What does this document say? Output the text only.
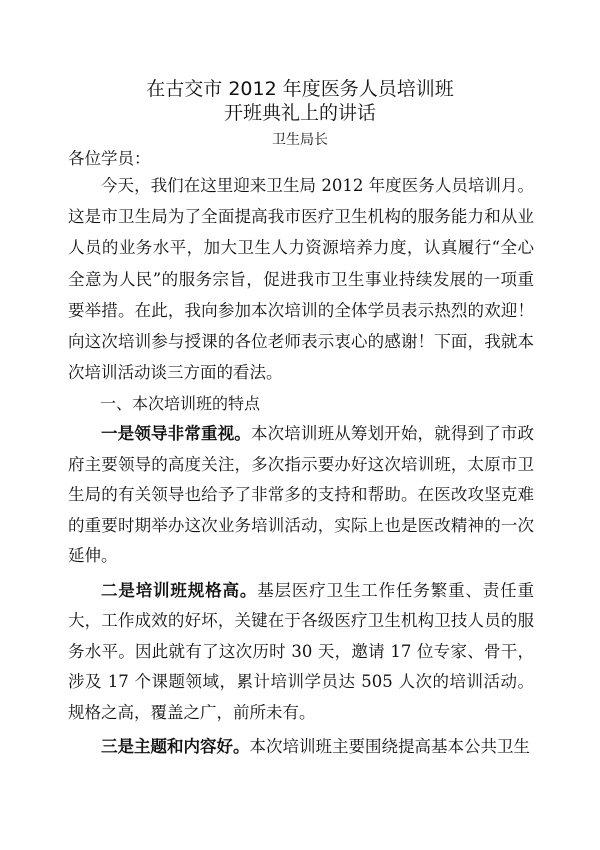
在古交市 2012 年度医务人员培训班
开班典礼上的讲话
卫生局长
各位学员：

今天，我们在这里迎来卫生局 2012 年度医务人员培训月。这是市卫生局为了全面提高我市医疗卫生机构的服务能力和从业人员的业务水平，加大卫生人力资源培养力度，认真履行“全心全意为人民”的服务宗旨，促进我市卫生事业持续发展的一项重要举措。在此，我向参加本次培训的全体学员表示热烈的欢迎！向这次培训参与授课的各位老师表示衷心的感谢！下面，我就本次培训活动谈三方面的看法。

一、本次培训班的特点

一是领导非常重视。本次培训班从筹划开始，就得到了市政府主要领导的高度关注，多次指示要办好这次培训班，太原市卫生局的有关领导也给予了非常多的支持和帮助。在医改攻坚克难的重要时期举办这次业务培训活动，实际上也是医改精神的一次延伸。

二是培训班规格高。基层医疗卫生工作任务繁重、责任重大，工作成效的好坏，关键在于各级医疗卫生机构卫技人员的服务水平。因此就有了这次历时 30 天，邀请 17 位专家、骨干，涉及 17 个课题领域，累计培训学员达 505 人次的培训活动。规格之高，覆盖之广，前所未有。

三是主题和内容好。本次培训班主要围绕提高基本公共卫生
